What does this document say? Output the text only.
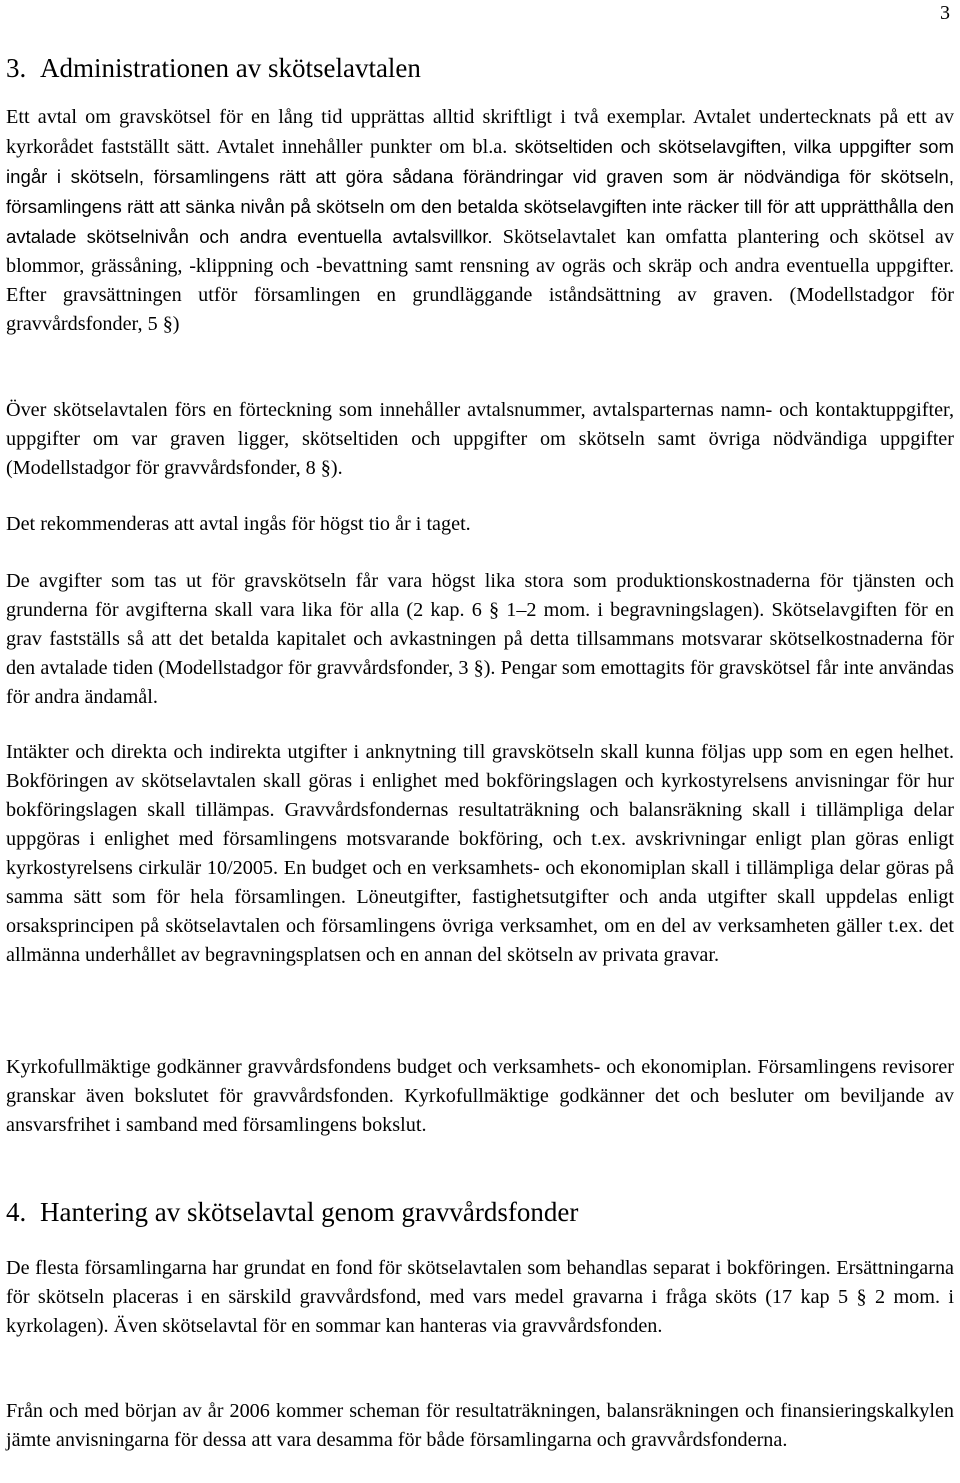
3
3. Administrationen av skötselavtalen

Ett avtal om gravskötsel för en lång tid upprättas alltid skriftligt i två exemplar. Avtalet undertecknats på ett av kyrkorådet fastställt sätt. Avtalet innehåller punkter om bl.a. skötseltiden och skötselavgiften, vilka uppgifter som ingår i skötseln, församlingens rätt att göra sådana förändringar vid graven som är nödvändiga för skötseln, församlingens rätt att sänka nivån på skötseln om den betalda skötselavgiften inte räcker till för att upprätthålla den avtalade skötselnivån och andra eventuella avtalsvillkor. Skötselavtalet kan omfatta plantering och skötsel av blommor, grässåning, -klippning och -bevattning samt rensning av ogräs och skräp och andra eventuella uppgifter. Efter gravsättningen utför församlingen en grundläggande iståndsättning av graven. (Modellstadgor för gravvårdsfonder, 5 §)

Över skötselavtalen förs en förteckning som innehåller avtalsnummer, avtalsparternas namn- och kontaktuppgifter, uppgifter om var graven ligger, skötseltiden och uppgifter om skötseln samt övriga nödvändiga uppgifter (Modellstadgor för gravvårdsfonder, 8 §).

Det rekommenderas att avtal ingås för högst tio år i taget.

De avgifter som tas ut för gravskötseln får vara högst lika stora som produktionskostnaderna för tjänsten och grunderna för avgifterna skall vara lika för alla (2 kap. 6 § 1–2 mom. i begravningslagen). Skötselavgiften för en grav fastställs så att det betalda kapitalet och avkastningen på detta tillsammans motsvarar skötselkostnaderna för den avtalade tiden (Modellstadgor för gravvårdsfonder, 3 §). Pengar som emottagits för gravskötsel får inte användas för andra ändamål.

Intäkter och direkta och indirekta utgifter i anknytning till gravskötseln skall kunna följas upp som en egen helhet. Bokföringen av skötselavtalen skall göras i enlighet med bokföringslagen och kyrkostyrelsens anvisningar för hur bokföringslagen skall tillämpas. Gravvårdsfondernas resultaträkning och balansräkning skall i tillämpliga delar uppgöras i enlighet med församlingens motsvarande bokföring, och t.ex. avskrivningar enligt plan göras enligt kyrkostyrelsens cirkulär 10/2005. En budget och en verksamhets- och ekonomiplan skall i tillämpliga delar göras på samma sätt som för hela församlingen. Löneutgifter, fastighetsutgifter och anda utgifter skall uppdelas enligt orsaksprincipen på skötselavtalen och församlingens övriga verksamhet, om en del av verksamheten gäller t.ex. det allmänna underhållet av begravningsplatsen och en annan del skötseln av privata gravar.

Kyrkofullmäktige godkänner gravvårdsfondens budget och verksamhets- och ekonomiplan. Församlingens revisorer granskar även bokslutet för gravvårdsfonden. Kyrkofullmäktige godkänner det och besluter om beviljande av ansvarsfrihet i samband med församlingens bokslut.

4. Hantering av skötselavtal genom gravvårdsfonder

De flesta församlingarna har grundat en fond för skötselavtalen som behandlas separat i bokföringen. Ersättningarna för skötseln placeras i en särskild gravvårdsfond, med vars medel gravarna i fråga sköts (17 kap 5 § 2 mom. i kyrkolagen). Även skötselavtal för en sommar kan hanteras via gravvårdsfonden.

Från och med början av år 2006 kommer scheman för resultaträkningen, balansräkningen och finansieringskalkylen jämte anvisningarna för dessa att vara desamma för både församlingarna och gravvårdsfonderna.
